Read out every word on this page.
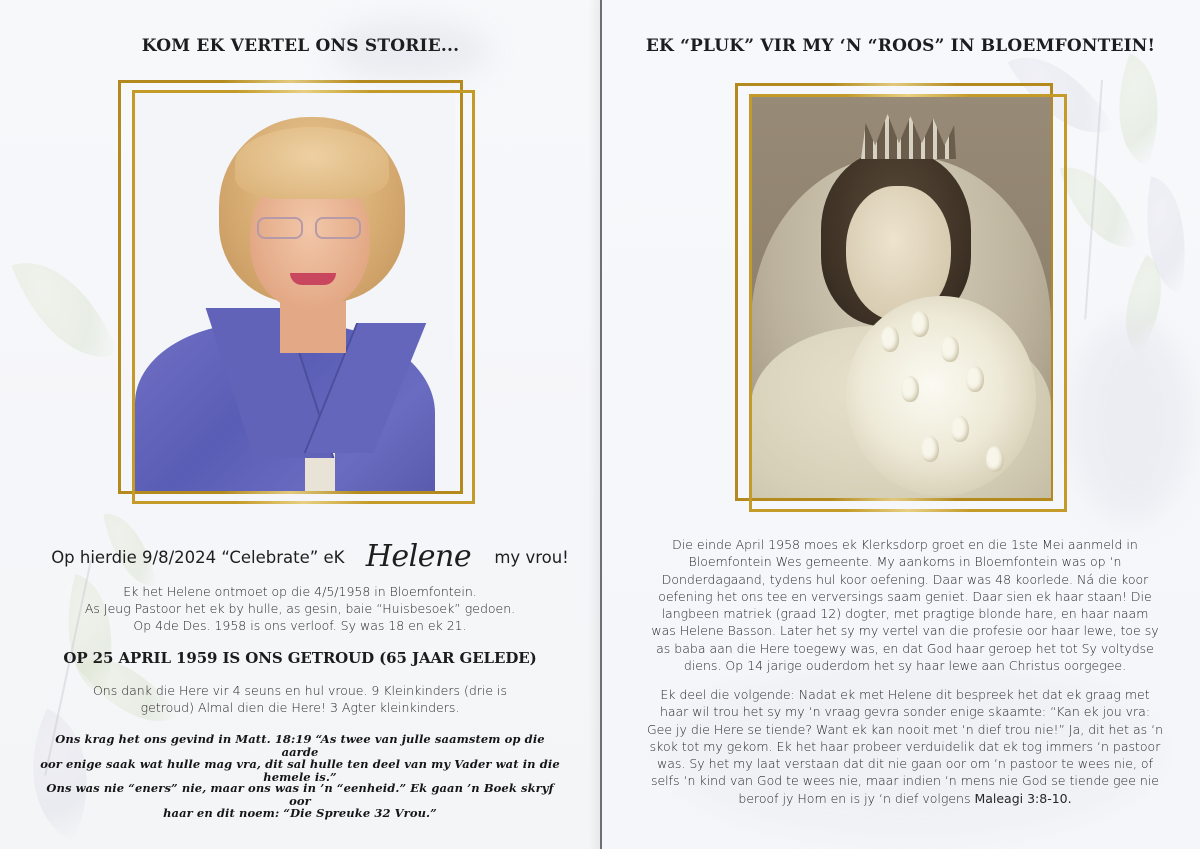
KOM EK VERTEL ONS STORIE...
Op hierdie 9/8/2024 “Celebrate” eK Helene my vrou!
Ek het Helene ontmoet op die 4/5/1958 in Bloemfontein.
As Jeug Pastoor het ek by hulle, as gesin, baie “Huisbesoek” gedoen.
Op 4de Des. 1958 is ons verloof. Sy was 18 en ek 21.
OP 25 APRIL 1959 IS ONS GETROUD (65 JAAR GELEDE)
Ons dank die Here vir 4 seuns en hul vroue. 9 Kleinkinders (drie is
getroud) Almal dien die Here! 3 Agter kleinkinders.
Ons krag het ons gevind in Matt. 18:19 “As twee van julle saamstem op die aarde
oor enige saak wat hulle mag vra, dit sal hulle ten deel van my Vader wat in die
hemele is.”
Ons was nie “eners” nie, maar ons was in ’n “eenheid.” Ek gaan ’n Boek skryf oor
haar en dit noem: “Die Spreuke 32 Vrou.”
EK “PLUK” VIR MY ‘N “ROOS” IN BLOEMFONTEIN!
Die einde April 1958 moes ek Klerksdorp groet en die 1ste Mei aanmeld in
Bloemfontein Wes gemeente. My aankoms in Bloemfontein was op ‘n
Donderdagaand, tydens hul koor oefening. Daar was 48 koorlede. Ná die koor
oefening het ons tee en verversings saam geniet. Daar sien ek haar staan! Die
langbeen matriek (graad 12) dogter, met pragtige blonde hare, en haar naam
was Helene Basson. Later het sy my vertel van die profesie oor haar lewe, toe sy
as baba aan die Here toegewy was, en dat God haar geroep het tot Sy voltydse
diens. Op 14 jarige ouderdom het sy haar lewe aan Christus oorgegee.
Ek deel die volgende: Nadat ek met Helene dit bespreek het dat ek graag met
haar wil trou het sy my ‘n vraag gevra sonder enige skaamte: “Kan ek jou vra:
Gee jy die Here se tiende? Want ek kan nooit met ‘n dief trou nie!” Ja, dit het as ‘n
skok tot my gekom. Ek het haar probeer verduidelik dat ek tog immers ‘n pastoor
was. Sy het my laat verstaan dat dit nie gaan oor om ‘n pastoor te wees nie, of
selfs ‘n kind van God te wees nie, maar indien ‘n mens nie God se tiende gee nie
beroof jy Hom en is jy ‘n dief volgens Maleagi 3:8-10.
